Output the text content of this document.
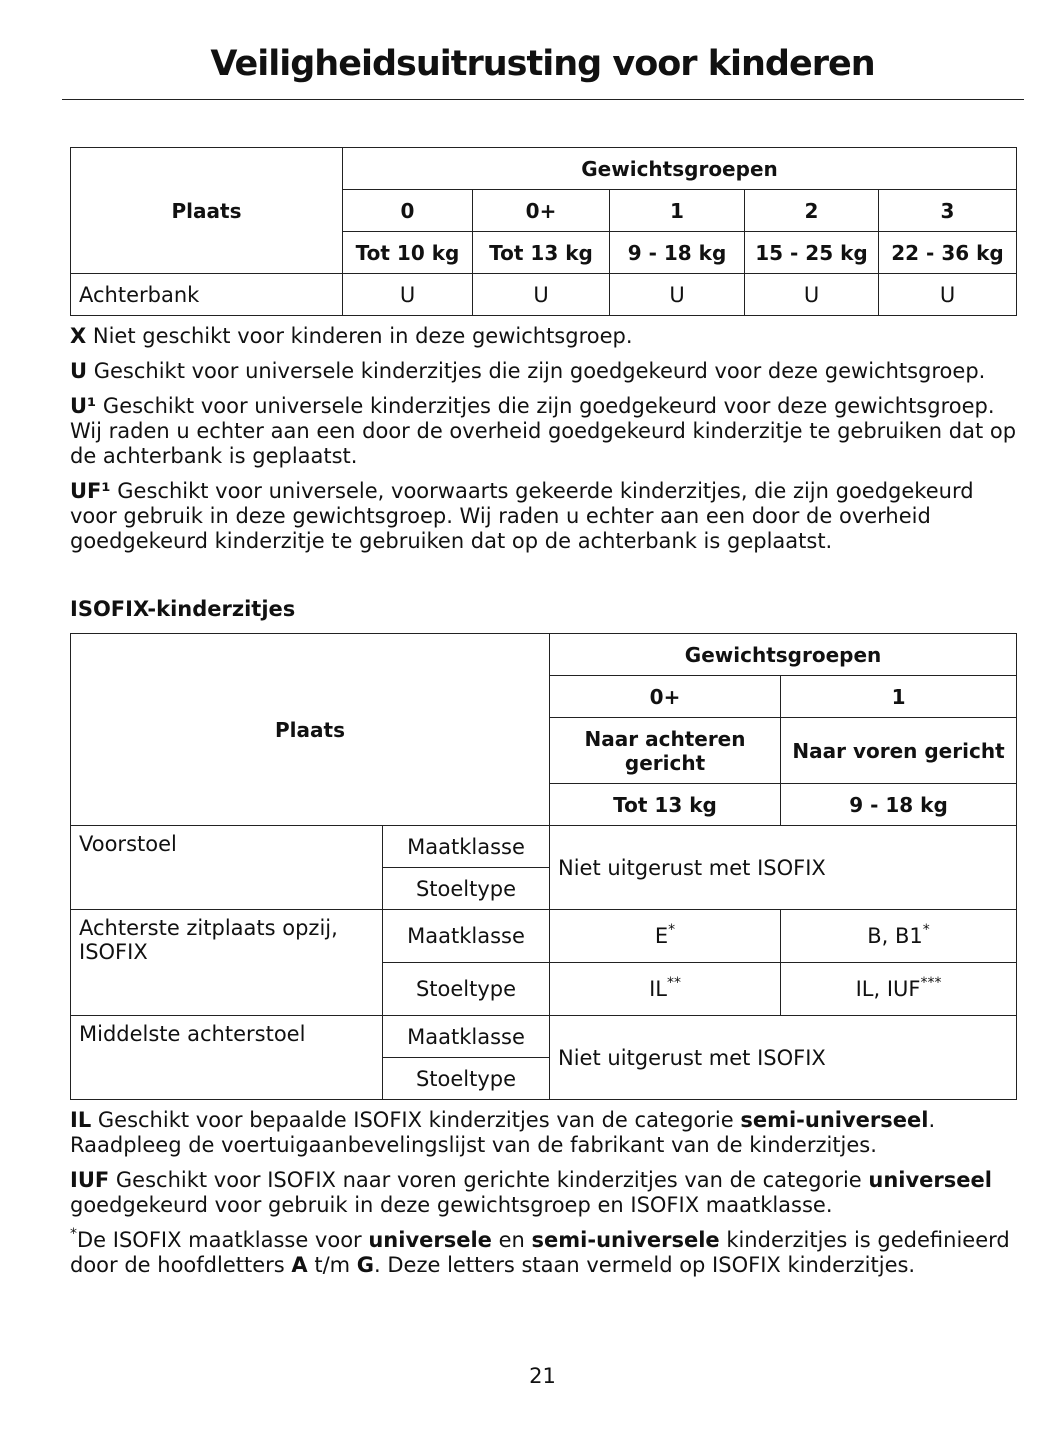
Veiligheidsuitrusting voor kinderen
Plaats	Gewichtsgroepen				
	0	0+	1	2	3
	Tot 10 kg	Tot 13 kg	9 - 18 kg	15 - 25 kg	22 - 36 kg
Achterbank	U	U	U	U	U

X Niet geschikt voor kinderen in deze gewichtsgroep.

U Geschikt voor universele kinderzitjes die zijn goedgekeurd voor deze gewichtsgroep.

U¹ Geschikt voor universele kinderzitjes die zijn goedgekeurd voor deze gewichtsgroep. Wij raden u echter aan een door de overheid goedgekeurd kinderzitje te gebruiken dat op de achterbank is geplaatst.

UF¹ Geschikt voor universele, voorwaarts gekeerde kinderzitjes, die zijn goedgekeurd voor gebruik in deze gewichtsgroep. Wij raden u echter aan een door de overheid goedgekeurd kinderzitje te gebruiken dat op de achterbank is geplaatst.

ISOFIX-kinderzitjes
Plaats		Gewichtsgroepen	
		0+	1
		Naar achteren gericht	Naar voren gericht
		Tot 13 kg	9 - 18 kg
Voorstoel	Maatklasse	Niet uitgerust met ISOFIX	
	Stoeltype		
Achterste zitplaats opzij, ISOFIX	Maatklasse	E*	B, B1*
	Stoeltype	IL**	IL, IUF***
Middelste achterstoel	Maatklasse	Niet uitgerust met ISOFIX	
	Stoeltype		

IL Geschikt voor bepaalde ISOFIX kinderzitjes van de categorie semi-universeel. Raadpleeg de voertuigaanbevelingslijst van de fabrikant van de kinderzitjes.

IUF Geschikt voor ISOFIX naar voren gerichte kinderzitjes van de categorie universeel goedgekeurd voor gebruik in deze gewichtsgroep en ISOFIX maatklasse.

*De ISOFIX maatklasse voor universele en semi-universele kinderzitjes is gedefinieerd door de hoofdletters A t/m G. Deze letters staan vermeld op ISOFIX kinderzitjes.

21
